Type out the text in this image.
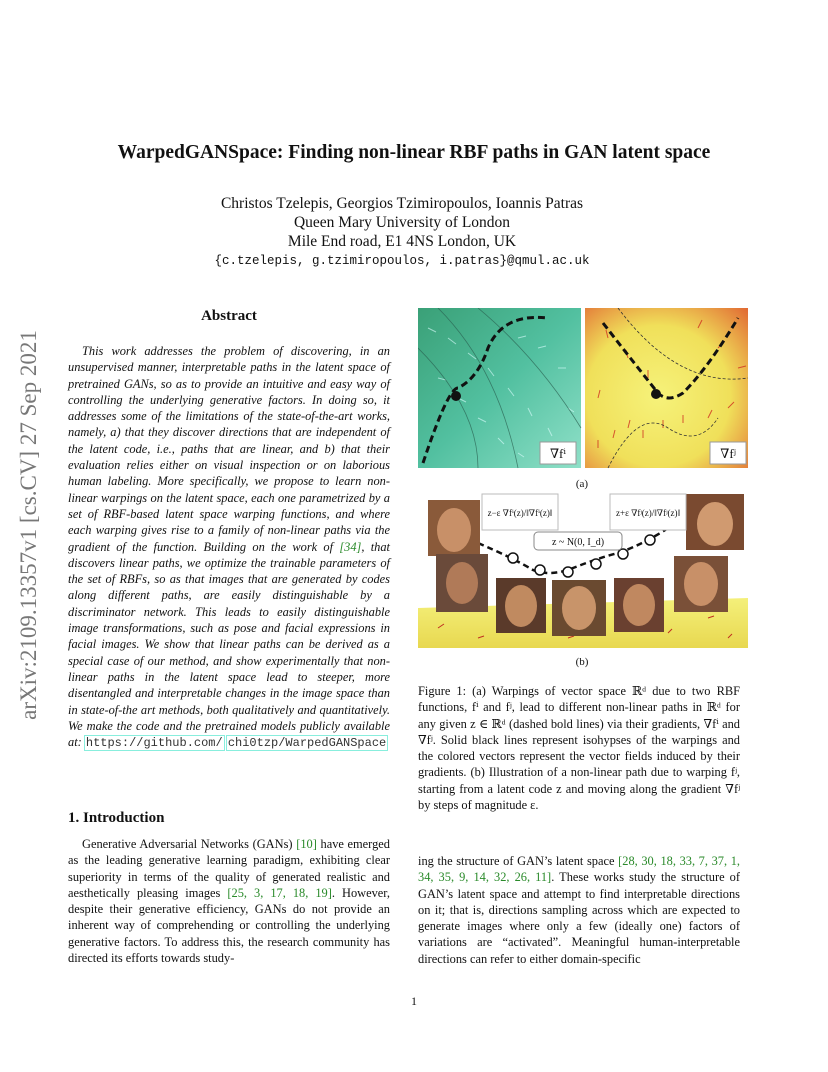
arXiv:2109.13357v1 [cs.CV] 27 Sep 2021
WarpedGANSpace: Finding non-linear RBF paths in GAN latent space
Christos Tzelepis, Georgios Tzimiropoulos, Ioannis Patras
Queen Mary University of London
Mile End road, E1 4NS London, UK
{c.tzelepis, g.tzimiropoulos, i.patras}@qmul.ac.uk
Abstract
This work addresses the problem of discovering, in an unsupervised manner, interpretable paths in the latent space of pretrained GANs, so as to provide an intuitive and easy way of controlling the underlying generative factors. In doing so, it addresses some of the limitations of the state-of-the-art works, namely, a) that they discover directions that are independent of the latent code, i.e., paths that are linear, and b) that their evaluation relies either on visual inspection or on laborious human labeling. More specifically, we propose to learn non-linear warpings on the latent space, each one parametrized by a set of RBF-based latent space warping functions, and where each warping gives rise to a family of non-linear paths via the gradient of the function. Building on the work of [34], that discovers linear paths, we optimize the trainable parameters of the set of RBFs, so as that images that are generated by codes along different paths, are easily distinguishable by a discriminator network. This leads to easily distinguishable image transformations, such as pose and facial expressions in facial images. We show that linear paths can be derived as a special case of our method, and show experimentally that non-linear paths in the latent space lead to steeper, more disentangled and interpretable changes in the image space than in state-of-the art methods, both qualitatively and quantitatively. We make the code and the pretrained models publicly available at: https://github.com/ chi0tzp/WarpedGANSpace
1. Introduction
Generative Adversarial Networks (GANs) [10] have emerged as the leading generative learning paradigm, exhibiting clear superiority in terms of the quality of generated realistic and aesthetically pleasing images [25, 3, 17, 18, 19]. However, despite their generative efficiency, GANs do not provide an inherent way of comprehending or controlling the underlying generative factors. To address this, the research community has directed its efforts towards study-
∇fⁱ	∇fʲ
z−ε ∇fⁱ(z)/‖∇fⁱ(z)‖
z ~ N(0, I_d)
z+ε ∇fʲ(z)/‖∇fʲ(z)‖
(a)
(b)
Figure 1: (a) Warpings of vector space ℝᵈ due to two RBF functions, fⁱ and fʲ, lead to different non-linear paths in ℝᵈ for any given z ∈ ℝᵈ (dashed bold lines) via their gradients, ∇fⁱ and ∇fʲ. Solid black lines represent isohypses of the warpings and the colored vectors represent the vector fields induced by their gradients. (b) Illustration of a non-linear path due to warping fʲ, starting from a latent code z and moving along the gradient ∇fʲ by steps of magnitude ε.
ing the structure of GAN’s latent space [28, 30, 18, 33, 7, 37, 1, 34, 35, 9, 14, 32, 26, 11]. These works study the structure of GAN’s latent space and attempt to find interpretable directions on it; that is, directions sampling across which are expected to generate images where only a few (ideally one) factors of variations are “activated”. Meaningful human-interpretable directions can refer to either domain-specific
1
